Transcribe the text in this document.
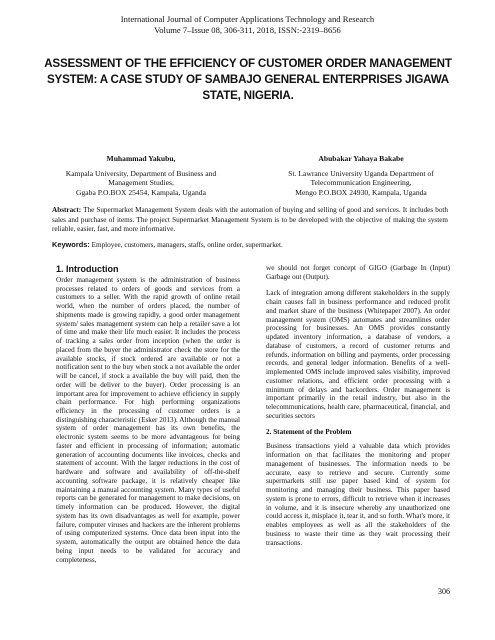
International Journal of Computer Applications Technology and Research
Volume 7–Issue 08, 306-311, 2018, ISSN:-2319–8656
ASSESSMENT OF THE EFFICIENCY OF CUSTOMER ORDER MANAGEMENT SYSTEM: A CASE STUDY OF SAMBAJO GENERAL ENTERPRISES JIGAWA STATE, NIGERIA.
Muhammad Yakubu,
Kampala University, Department of Business and
Management Studies,
Ggaba P.O.BOX 25454, Kampala, Uganda
Abubakar Yahaya Bakabe
St. Lawrance University Uganda Department of
Telecommunication Engineering,
Mengo P.O.BOX 24930, Kampala, Uganda
Abstract: The Supermarket Management System deals with the automation of buying and selling of good and services. It includes both sales and purchase of items. The project Supermarket Management System is to be developed with the objective of making the system reliable, easier, fast, and more informative.
Keywords: Employee, customers, managers, staffs, online order, supermarket.
1. Introduction

Order management system is the administration of business processes related to orders of goods and services from a customers to a seller. With the rapid growth of online retail world, when the number of orders placed, the number of shipments made is growing rapidly, a good order management system/ sales management system can help a retailer save a lot of time and make their life much easier. It includes the process of tracking a sales order from inception (when the order is placed from the buyer the administrator check the store for the available stocks, if stock ordered are available or not a notification sent to the buy when stock a not available the order will be cancel, if stock a available the buy will paid, then the order will be deliver to the buyer). Order processing is an important area for improvement to achieve efficiency in supply chain performance. For high performing organizations efficiency in the processing of customer orders is a distinguishing characteristic (Esker 2013). Although the manual system of order management has its own benefits, the electronic system seems to be more advantageous for being faster and efficient in processing of information; automatic generation of accounting documents like invoices, checks and statement of account. With the larger reductions in the cost of hardware and software and availability of off-the-shelf accounting software package, it is relatively cheaper like maintaining a manual accounting system. Many types of useful reports can be generated for management to make decisions, on timely information can be produced. However, the digital system has its own disadvantages as well for example, power failure, computer viruses and hackers are the inherent problems of using computerized systems. Once data been input into the system, automatically the output are obtained hence the data being input needs to be validated for accuracy and completeness,

we should not forget concept of GIGO (Garbage In (Input) Garbage out (Output).

Lack of integration among different stakeholders in the supply chain causes fall in business performance and reduced profit and market share of the business (Whitepaper 2007). An order management system (OMS) automates and streamlines order processing for businesses. An OMS provides constantly updated inventory information, a database of vendors, a database of customers, a record of customer returns and refunds, information on billing and payments, order processing records, and general ledger information. Benefits of a well-implemented OMS include improved sales visibility, improved customer relations, and efficient order processing with a minimum of delays and backorders. Order management is important primarily in the retail industry, but also in the telecommunications, health care, pharmaceutical, financial, and securities sectors

2. Statement of the Problem

Business transactions yield a valuable data which provides information on that facilitates the monitoring and proper management of businesses. The information needs to be accurate, easy to retrieve and secure. Currently some supermarkets still use paper based kind of system for monitoring and managing their business. This paper based system is prone to errors, difficult to retrieve when it increases in volume, and it is insecure whereby any unauthorized one could access it, misplace it, tear it, and so forth. What's more, it enables employees as well as all the stakeholders of the business to waste their time as they wait processing their transactions.

306
